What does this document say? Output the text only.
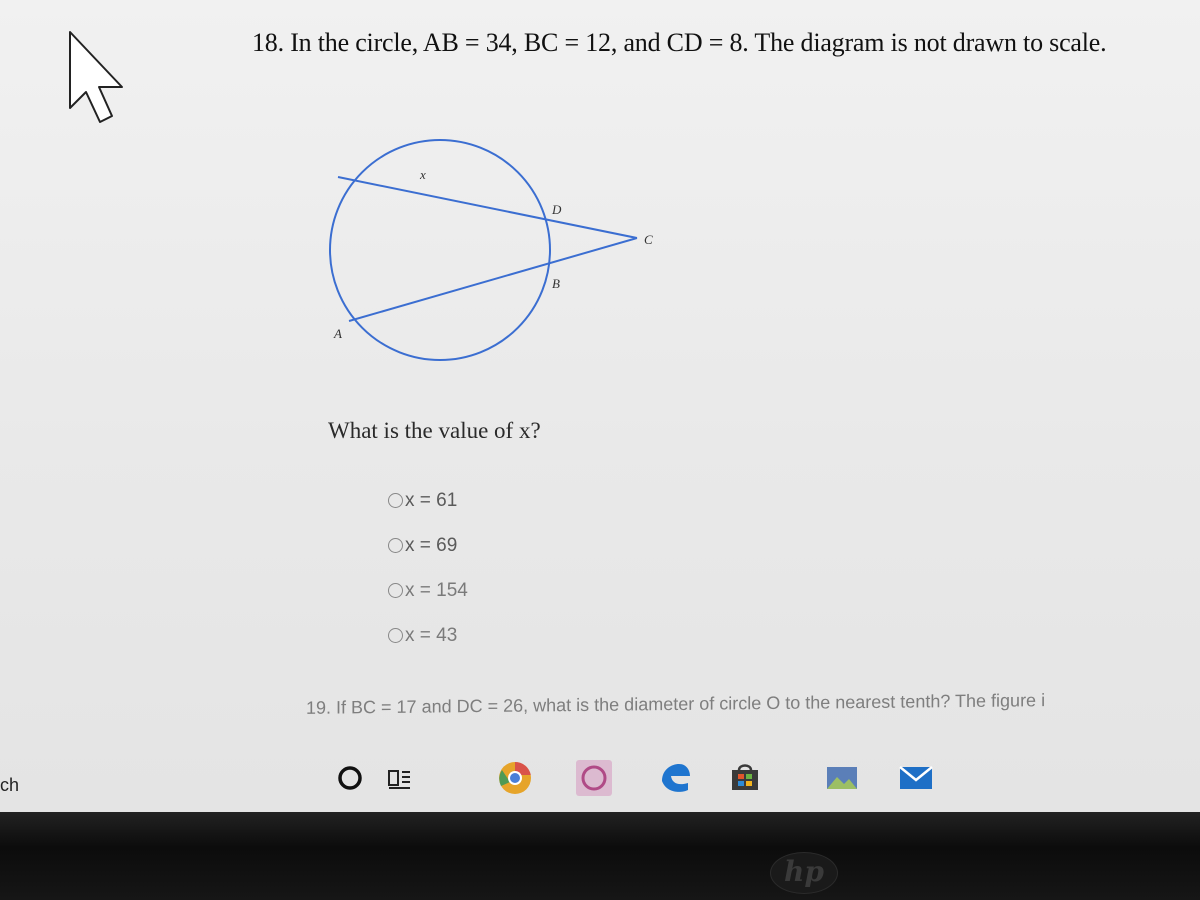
18. In the circle, AB = 34, BC = 12, and CD = 8. The diagram is not drawn to scale.
x
D
C
B
A
What is the value of x?
x = 61
x = 69
x = 154
x = 43
19. If BC = 17 and DC = 26, what is the diameter of circle O to the nearest tenth? The figure i
ch
hp
